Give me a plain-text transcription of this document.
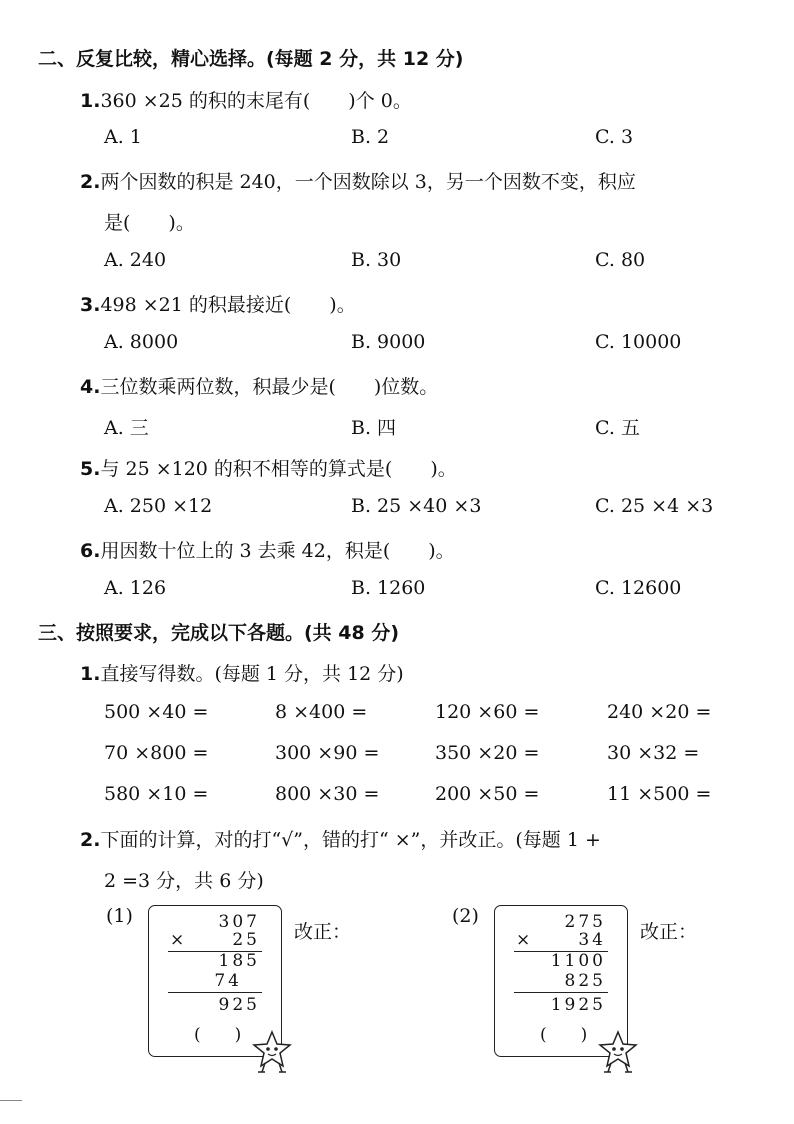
二、反复比较，精心选择。(每题 2 分，共 12 分)
1.360 ×25 的积的末尾有(　　)个 0。
A. 1	B. 2	C. 3
2.两个因数的积是 240，一个因数除以 3，另一个因数不变，积应
是(　　)。
A. 240	B. 30	C. 80
3.498 ×21 的积最接近(　　)。
A. 8000	B. 9000	C. 10000
4.三位数乘两位数，积最少是(　　)位数。
A. 三	B. 四	C. 五
5.与 25 ×120 的积不相等的算式是(　　)。
A. 250 ×12	B. 25 ×40 ×3	C. 25 ×4 ×3
6.用因数十位上的 3 去乘 42，积是(　　)。
A. 126	B. 1260	C. 12600
三、按照要求，完成以下各题。(共 48 分)
1.直接写得数。(每题 1 分，共 12 分)
500 ×40 =	8 ×400 =	120 ×60 =	240 ×20 =
70 ×800 =	300 ×90 =	350 ×20 =	30 ×32 =
580 ×10 =	800 ×30 =	200 ×50 =	11 ×500 =
2.下面的计算，对的打“√”，错的打“ ×”，并改正。(每题 1 +
2 =3 分，共 6 分)
(1)	307
×	25
185
74
925
(　　)
改正：
(2)	275
×	34
1100
825
1925
(　　)
改正：
